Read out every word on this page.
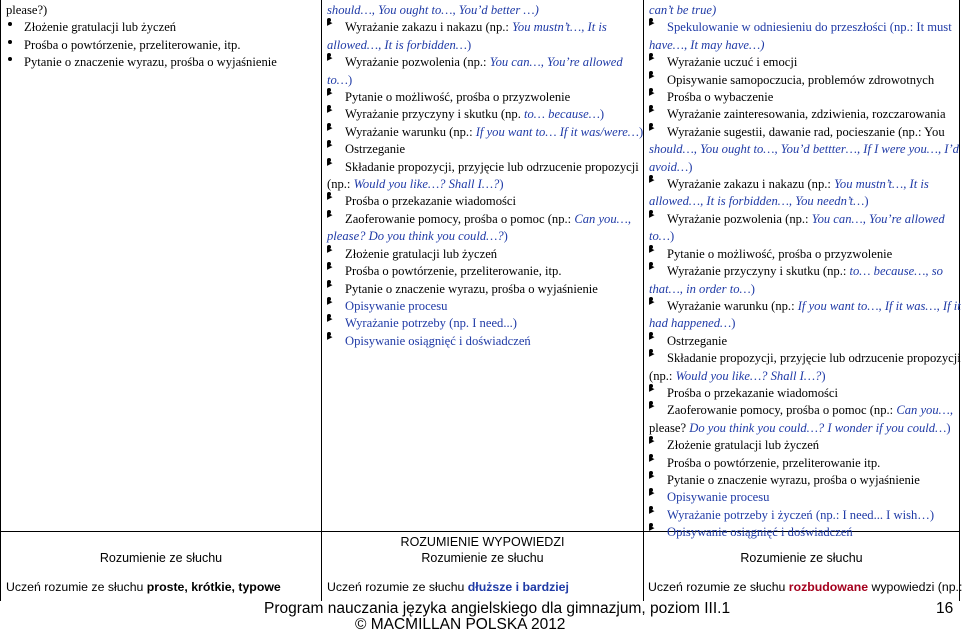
please?)
Złożenie gratulacji lub życzeń
Prośba o powtórzenie, przeliterowanie, itp.
Pytanie o znaczenie wyrazu, prośba o wyjaśnienie
should…, You ought to…, You’d better …)
Wyrażanie zakazu i nakazu (np.: You mustn’t…, It is
allowed…, It is forbidden…)
Wyrażanie pozwolenia (np.: You can…, You’re allowed
to…)
Pytanie o możliwość, prośba o przyzwolenie
Wyrażanie przyczyny i skutku (np. to… because…)
Wyrażanie warunku (np.: If you want to… If it was/were…)
Ostrzeganie
Składanie propozycji, przyjęcie lub odrzucenie propozycji
(np.: Would you like…? Shall I…?)
Prośba o przekazanie wiadomości
Zaoferowanie pomocy, prośba o pomoc (np.: Can you…,
please? Do you think you could…?)
Złożenie gratulacji lub życzeń
Prośba o powtórzenie, przeliterowanie, itp.
Pytanie o znaczenie wyrazu, prośba o wyjaśnienie
Opisywanie procesu
Wyrażanie potrzeby (np. I need...)
Opisywanie osiągnięć i doświadczeń
can’t be true)
Spekulowanie w odniesieniu do przeszłości (np.: It must
have…, It may have…)
Wyrażanie uczuć i emocji
Opisywanie samopoczucia, problemów zdrowotnych
Prośba o wybaczenie
Wyrażanie zainteresowania, zdziwienia, rozczarowania
Wyrażanie sugestii, dawanie rad, pocieszanie (np.: You
should…, You ought to…, You’d bettter…, If I were you…, I’d
avoid…)
Wyrażanie zakazu i nakazu (np.: You mustn’t…, It is
allowed…, It is forbidden…, You needn’t…)
Wyrażanie pozwolenia (np.: You can…, You’re allowed
to…)
Pytanie o możliwość, prośba o przyzwolenie
Wyrażanie przyczyny i skutku (np.: to… because…, so
that…, in order to…)
Wyrażanie warunku (np.: If you want to…, If it was…, If it
had happened…)
Ostrzeganie
Składanie propozycji, przyjęcie lub odrzucenie propozycji
(np.: Would you like…? Shall I…?)
Prośba o przekazanie wiadomości
Zaoferowanie pomocy, prośba o pomoc (np.: Can you…,
please? Do you think you could…? I wonder if you could…)
Złożenie gratulacji lub życzeń
Prośba o powtórzenie, przeliterowanie itp.
Pytanie o znaczenie wyrazu, prośba o wyjaśnienie
Opisywanie procesu
Wyrażanie potrzeby i życzeń (np.: I need... I wish…)
Opisywanie osiągnięć i doświadczeń
ROZUMIENIE WYPOWIEDZI
Rozumienie ze słuchu	Rozumienie ze słuchu	Rozumienie ze słuchu
Uczeń rozumie ze słuchu proste, krótkie, typowe	Uczeń rozumie ze słuchu dłuższe i bardziej	Uczeń rozumie ze słuchu rozbudowane wypowiedzi (np.:
Program nauczania języka angielskiego dla gimnazjum, poziom III.1	16
© MACMILLAN POLSKA 2012
